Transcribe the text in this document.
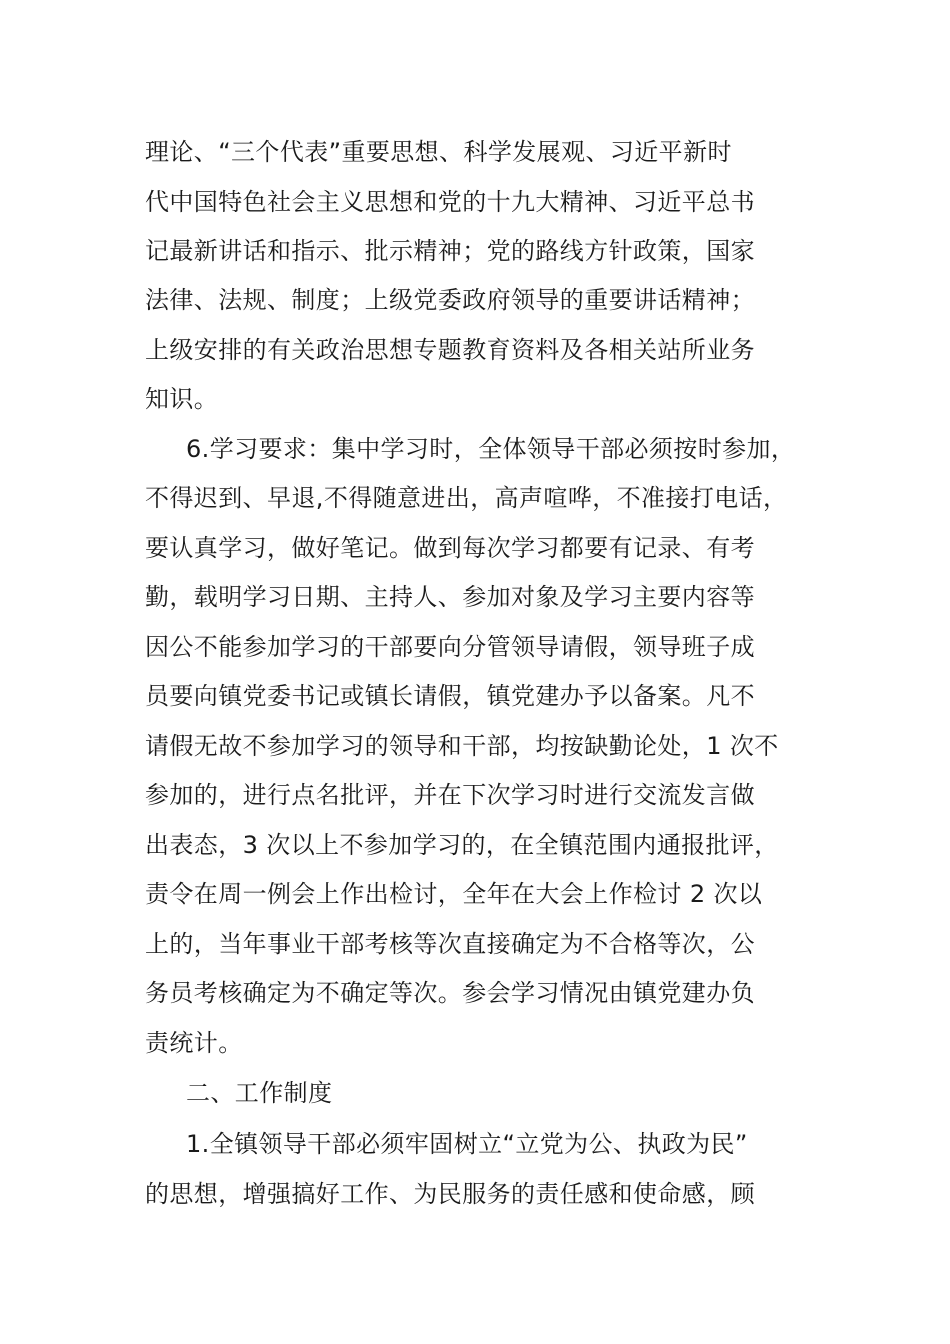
理论、“三个代表”重要思想、科学发展观、习近平新时
代中国特色社会主义思想和党的十九大精神、习近平总书
记最新讲话和指示、批示精神；党的路线方针政策，国家
法律、法规、制度；上级党委政府领导的重要讲话精神；
上级安排的有关政治思想专题教育资料及各相关站所业务
知识。
6.学习要求：集中学习时，全体领导干部必须按时参加，
不得迟到、早退,不得随意进出，高声喧哗，不准接打电话，
要认真学习，做好笔记。做到每次学习都要有记录、有考
勤，载明学习日期、主持人、参加对象及学习主要内容等
因公不能参加学习的干部要向分管领导请假，领导班子成
员要向镇党委书记或镇长请假，镇党建办予以备案。凡不
请假无故不参加学习的领导和干部，均按缺勤论处，1 次不
参加的，进行点名批评，并在下次学习时进行交流发言做
出表态，3 次以上不参加学习的，在全镇范围内通报批评，
责令在周一例会上作出检讨，全年在大会上作检讨 2 次以
上的，当年事业干部考核等次直接确定为不合格等次，公
务员考核确定为不确定等次。参会学习情况由镇党建办负
责统计。
二、工作制度
1.全镇领导干部必须牢固树立“立党为公、执政为民”
的思想，增强搞好工作、为民服务的责任感和使命感，顾
